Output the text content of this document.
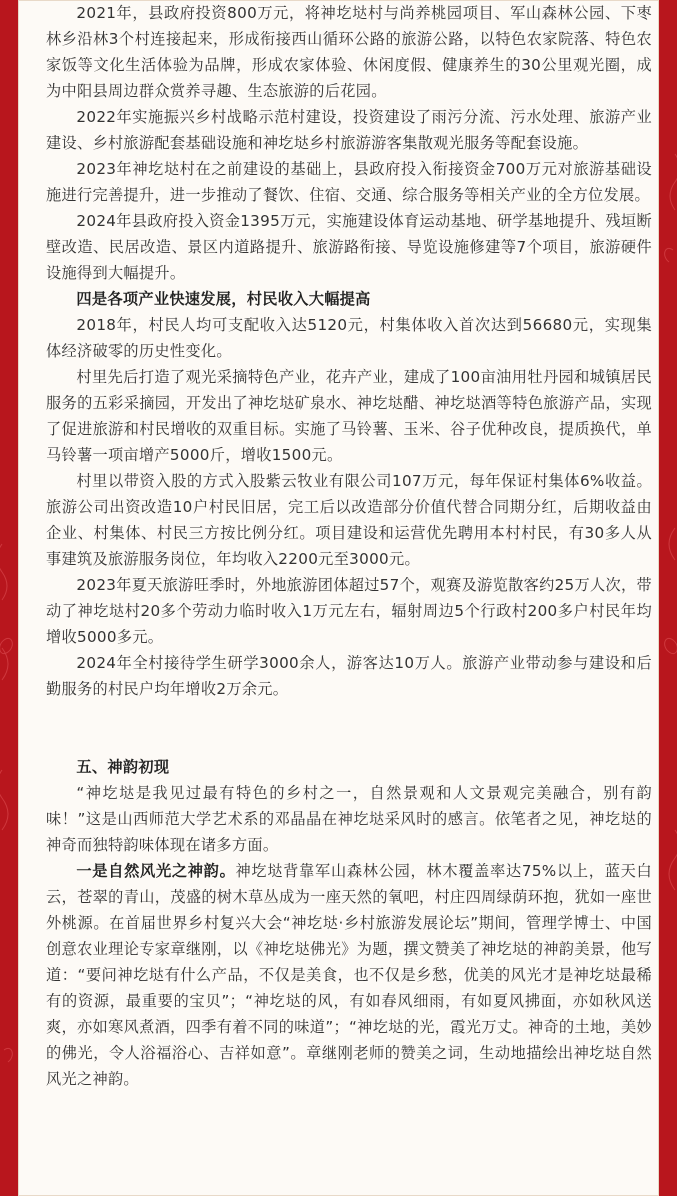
2021年，县政府投资800万元，将神圪垯村与尚养桃园项目、军山森林公园、下枣林乡沿林3个村连接起来，形成衔接西山循环公路的旅游公路，以特色农家院落、特色农家饭等文化生活体验为品牌，形成农家体验、休闲度假、健康养生的30公里观光圈，成为中阳县周边群众赏养寻趣、生态旅游的后花园。

2022年实施振兴乡村战略示范村建设，投资建设了雨污分流、污水处理、旅游产业建设、乡村旅游配套基础设施和神圪垯乡村旅游游客集散观光服务等配套设施。

2023年神圪垯村在之前建设的基础上，县政府投入衔接资金700万元对旅游基础设施进行完善提升，进一步推动了餐饮、住宿、交通、综合服务等相关产业的全方位发展。

2024年县政府投入资金1395万元，实施建设体育运动基地、研学基地提升、残垣断壁改造、民居改造、景区内道路提升、旅游路衔接、导览设施修建等7个项目，旅游硬件设施得到大幅提升。

四是各项产业快速发展，村民收入大幅提高

2018年，村民人均可支配收入达5120元，村集体收入首次达到56680元，实现集体经济破零的历史性变化。

村里先后打造了观光采摘特色产业，花卉产业，建成了100亩油用牡丹园和城镇居民服务的五彩采摘园，开发出了神圪垯矿泉水、神圪垯醋、神圪垯酒等特色旅游产品，实现了促进旅游和村民增收的双重目标。实施了马铃薯、玉米、谷子优种改良，提质换代，单马铃薯一项亩增产5000斤，增收1500元。

村里以带资入股的方式入股紫云牧业有限公司107万元，每年保证村集体6%收益。旅游公司出资改造10户村民旧居，完工后以改造部分价值代替合同期分红，后期收益由企业、村集体、村民三方按比例分红。项目建设和运营优先聘用本村村民，有30多人从事建筑及旅游服务岗位，年均收入2200元至3000元。

2023年夏天旅游旺季时，外地旅游团体超过57个，观赛及游览散客约25万人次，带动了神圪垯村20多个劳动力临时收入1万元左右，辐射周边5个行政村200多户村民年均增收5000多元。

2024年全村接待学生研学3000余人，游客达10万人。旅游产业带动参与建设和后勤服务的村民户均年增收2万余元。

五、神韵初现

“神圪垯是我见过最有特色的乡村之一，自然景观和人文景观完美融合，别有韵味！”这是山西师范大学艺术系的邓晶晶在神圪垯采风时的感言。依笔者之见，神圪垯的神奇而独特韵味体现在诸多方面。

一是自然风光之神韵。神圪垯背靠军山森林公园，林木覆盖率达75%以上，蓝天白云，苍翠的青山，茂盛的树木草丛成为一座天然的氧吧，村庄四周绿荫环抱，犹如一座世外桃源。在首届世界乡村复兴大会“神圪垯·乡村旅游发展论坛”期间，管理学博士、中国创意农业理论专家章继刚，以《神圪垯佛光》为题，撰文赞美了神圪垯的神韵美景，他写道：“要问神圪垯有什么产品，不仅是美食，也不仅是乡愁，优美的风光才是神圪垯最稀有的资源，最重要的宝贝”；“神圪垯的风，有如春风细雨，有如夏风拂面，亦如秋风送爽，亦如寒风煮酒，四季有着不同的味道”；“神圪垯的光，霞光万丈。神奇的土地，美妙的佛光，令人浴福浴心、吉祥如意”。章继刚老师的赞美之词，生动地描绘出神圪垯自然风光之神韵。
